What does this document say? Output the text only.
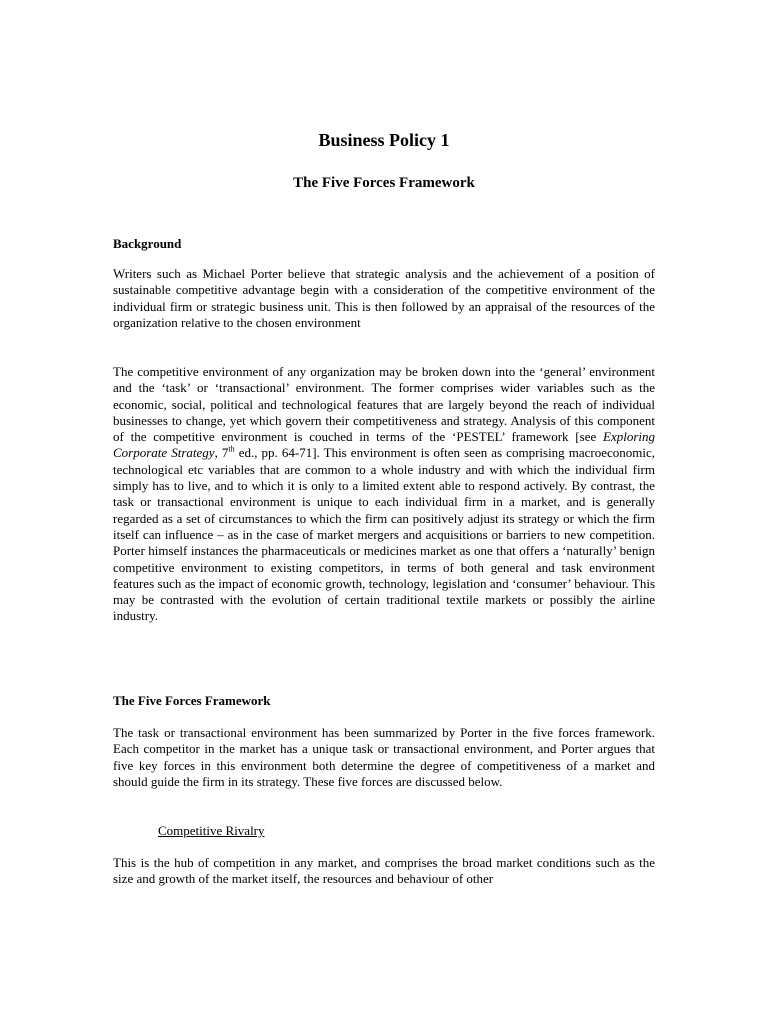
Business Policy 1
The Five Forces Framework
Background

Writers such as Michael Porter believe that strategic analysis and the achievement of a position of sustainable competitive advantage begin with a consideration of the competitive environment of the individual firm or strategic business unit. This is then followed by an appraisal of the resources of the organization relative to the chosen environment

The competitive environment of any organization may be broken down into the ‘general’ environment and the ‘task’ or ‘transactional’ environment. The former comprises wider variables such as the economic, social, political and technological features that are largely beyond the reach of individual businesses to change, yet which govern their competitiveness and strategy. Analysis of this component of the competitive environment is couched in terms of the ‘PESTEL’ framework [see Exploring Corporate Strategy, 7th ed., pp. 64-71]. This environment is often seen as comprising macroeconomic, technological etc variables that are common to a whole industry and with which the individual firm simply has to live, and to which it is only to a limited extent able to respond actively. By contrast, the task or transactional environment is unique to each individual firm in a market, and is generally regarded as a set of circumstances to which the firm can positively adjust its strategy or which the firm itself can influence – as in the case of market mergers and acquisitions or barriers to new competition. Porter himself instances the pharmaceuticals or medicines market as one that offers a ‘naturally’ benign competitive environment to existing competitors, in terms of both general and task environment features such as the impact of economic growth, technology, legislation and ‘consumer’ behaviour. This may be contrasted with the evolution of certain traditional textile markets or possibly the airline industry.

The Five Forces Framework

The task or transactional environment has been summarized by Porter in the five forces framework. Each competitor in the market has a unique task or transactional environment, and Porter argues that five key forces in this environment both determine the degree of competitiveness of a market and should guide the firm in its strategy. These five forces are discussed below.

Competitive Rivalry

This is the hub of competition in any market, and comprises the broad market conditions such as the size and growth of the market itself, the resources and behaviour of other
